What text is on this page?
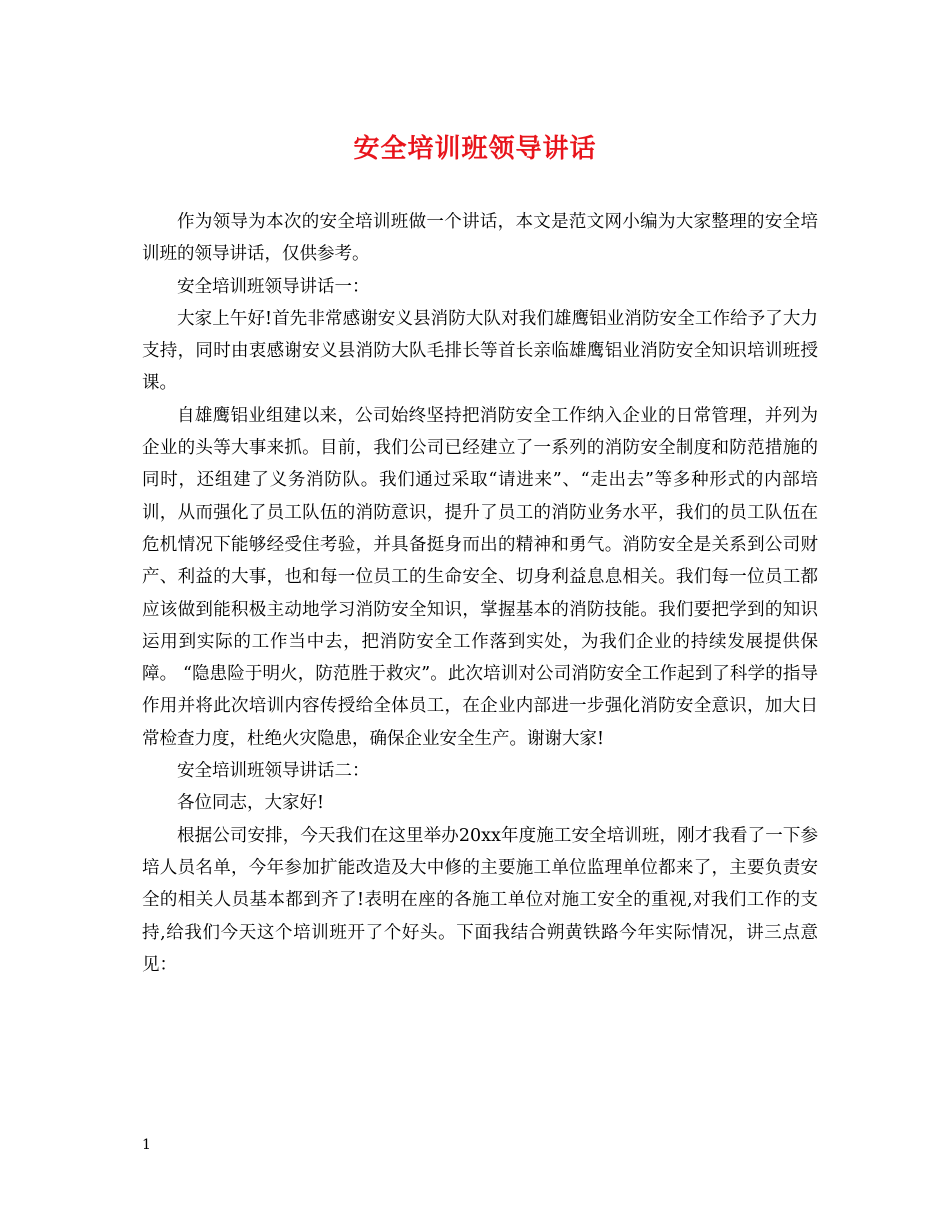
安全培训班领导讲话

作为领导为本次的安全培训班做一个讲话，本文是范文网小编为大家整理的安全培训班的领导讲话，仅供参考。

安全培训班领导讲话一：

大家上午好!首先非常感谢安义县消防大队对我们雄鹰铝业消防安全工作给予了大力支持，同时由衷感谢安义县消防大队毛排长等首长亲临雄鹰铝业消防安全知识培训班授课。

自雄鹰铝业组建以来，公司始终坚持把消防安全工作纳入企业的日常管理，并列为企业的头等大事来抓。目前，我们公司已经建立了一系列的消防安全制度和防范措施的同时，还组建了义务消防队。我们通过采取“请进来”、“走出去”等多种形式的内部培训，从而强化了员工队伍的消防意识，提升了员工的消防业务水平，我们的员工队伍在危机情况下能够经受住考验，并具备挺身而出的精神和勇气。消防安全是关系到公司财产、利益的大事，也和每一位员工的生命安全、切身利益息息相关。我们每一位员工都应该做到能积极主动地学习消防安全知识，掌握基本的消防技能。我们要把学到的知识运用到实际的工作当中去，把消防安全工作落到实处，为我们企业的持续发展提供保障。 “隐患险于明火，防范胜于救灾”。此次培训对公司消防安全工作起到了科学的指导作用并将此次培训内容传授给全体员工，在企业内部进一步强化消防安全意识，加大日常检查力度，杜绝火灾隐患，确保企业安全生产。谢谢大家!

安全培训班领导讲话二：

各位同志，大家好!

根据公司安排，今天我们在这里举办20xx年度施工安全培训班，刚才我看了一下参培人员名单，今年参加扩能改造及大中修的主要施工单位监理单位都来了，主要负责安全的相关人员基本都到齐了!表明在座的各施工单位对施工安全的重视,对我们工作的支持,给我们今天这个培训班开了个好头。下面我结合朔黄铁路今年实际情况，讲三点意见：

1
